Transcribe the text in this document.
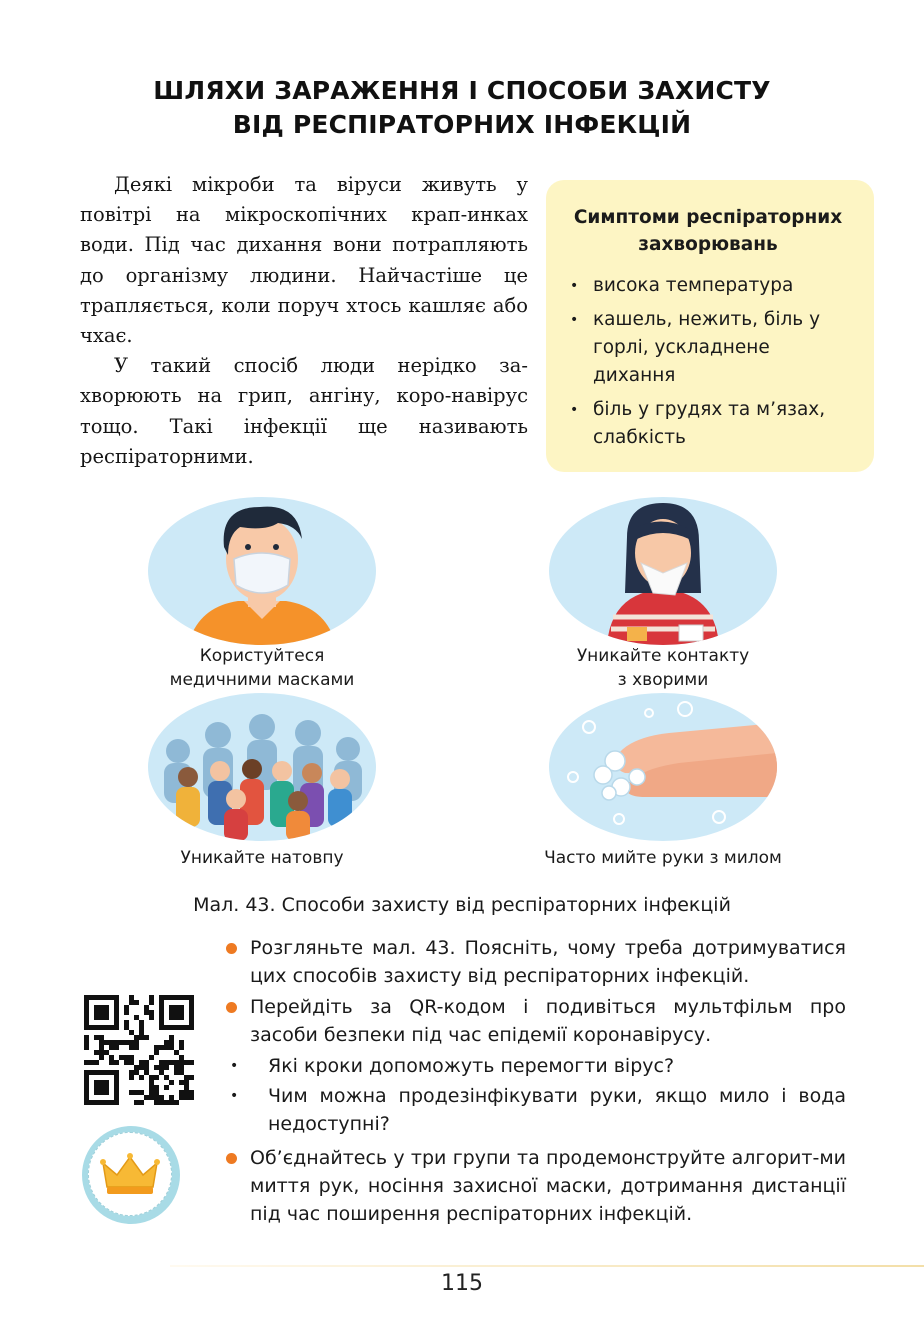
ШЛЯХИ ЗАРАЖЕННЯ І СПОСОБИ ЗАХИСТУ
ВІД РЕСПІРАТОРНИХ ІНФЕКЦІЙ

Деякі мікроби та віруси живуть у повітрі на мікроскопічних крап-инках води. Під час дихання вони потрапляють до організму людини. Найчастіше це трапляється, коли поруч хтось кашляє або чхає.

У такий спосіб люди нерідко за-хворюють на грип, ангіну, коро-навірус тощо. Такі інфекції ще називають респіраторними.

Симптоми респіраторних захворювань
• висока температура
• кашель, нежить, біль у горлі, ускладнене дихання
• біль у грудях та м’язах, слабкість
Користуйтеся
медичними масками
Уникайте контакту
з хворими
Уникайте натовпу	Часто мийте руки з милом
Мал. 43. Способи захисту від респіраторних інфекцій
Розгляньте мал. 43. Поясніть, чому треба дотримуватися цих способів захисту від респіраторних інфекцій.
Перейдіть за QR-кодом і подивіться мультфільм про засоби безпеки під час епідемії коронавірусу.
• Які кроки допоможуть перемогти вірус?
• Чим можна продезінфікувати руки, якщо мило і вода недоступні?
Об’єднайтесь у три групи та продемонструйте алгорит-ми миття рук, носіння захисної маски, дотримання дистанції під час поширення респіраторних інфекцій.
115
